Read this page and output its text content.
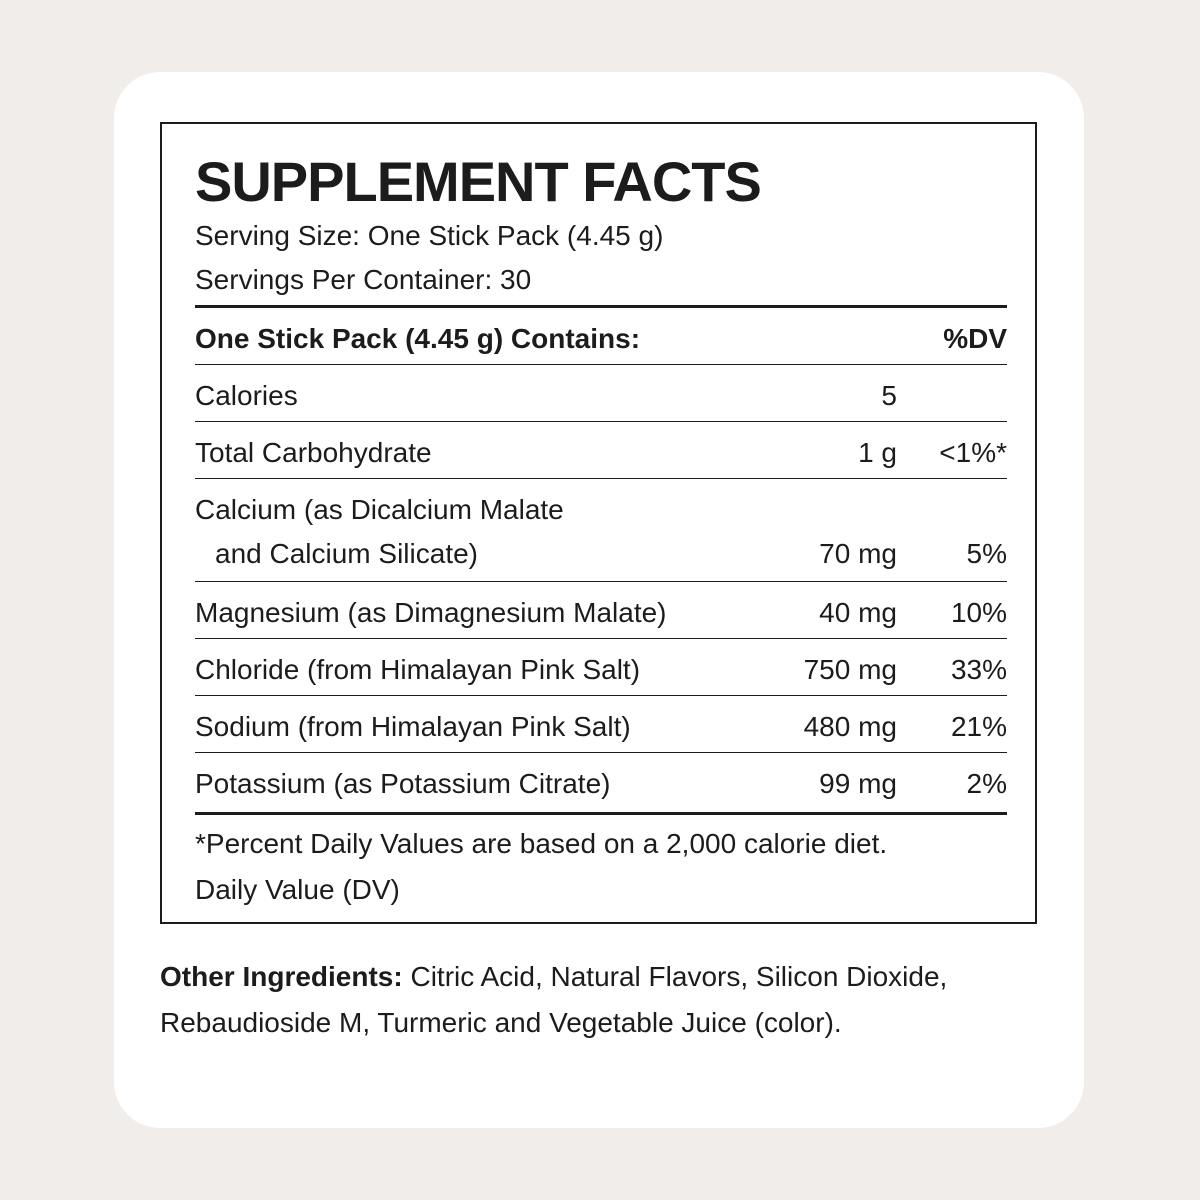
SUPPLEMENT FACTS
Serving Size: One Stick Pack (4.45 g)
Servings Per Container: 30
One Stick Pack (4.45 g) Contains:	%DV
Calories	5
Total Carbohydrate	1 g <1%*
Calcium (as Dicalcium Malate
and Calcium Silicate)	70 mg 5%
Magnesium (as Dimagnesium Malate)	40 mg 10%
Chloride (from Himalayan Pink Salt)	750 mg 33%
Sodium (from Himalayan Pink Salt)	480 mg 21%
Potassium (as Potassium Citrate)	99 mg 2%
*Percent Daily Values are based on a 2,000 calorie diet.
Daily Value (DV)
Other Ingredients: Citric Acid, Natural Flavors, Silicon Dioxide, Rebaudioside M, Turmeric and Vegetable Juice (color).
